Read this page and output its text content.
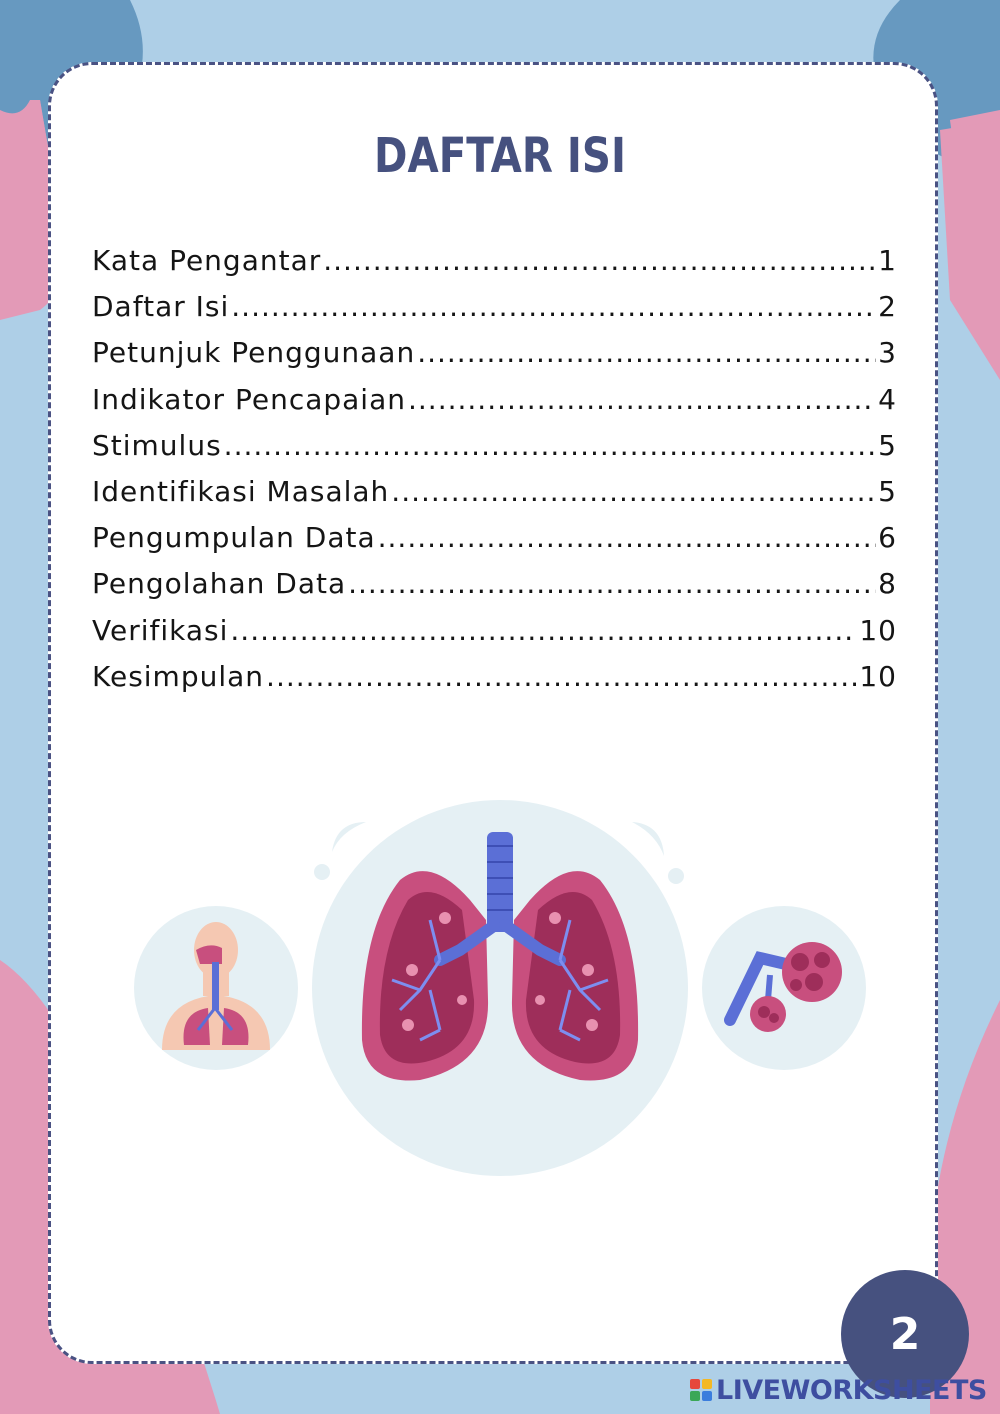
DAFTAR ISI
Kata Pengantar .....	1
Daftar Isi .....	2
Petunjuk Penggunaan .....	3
Indikator Pencapaian .....	4
Stimulus .....	5
Identifikasi Masalah .....	5
Pengumpulan Data .....	6
Pengolahan Data .....	8
Verifikasi .....	10
Kesimpulan .....	10
2
LIVEWORKSHEETS
